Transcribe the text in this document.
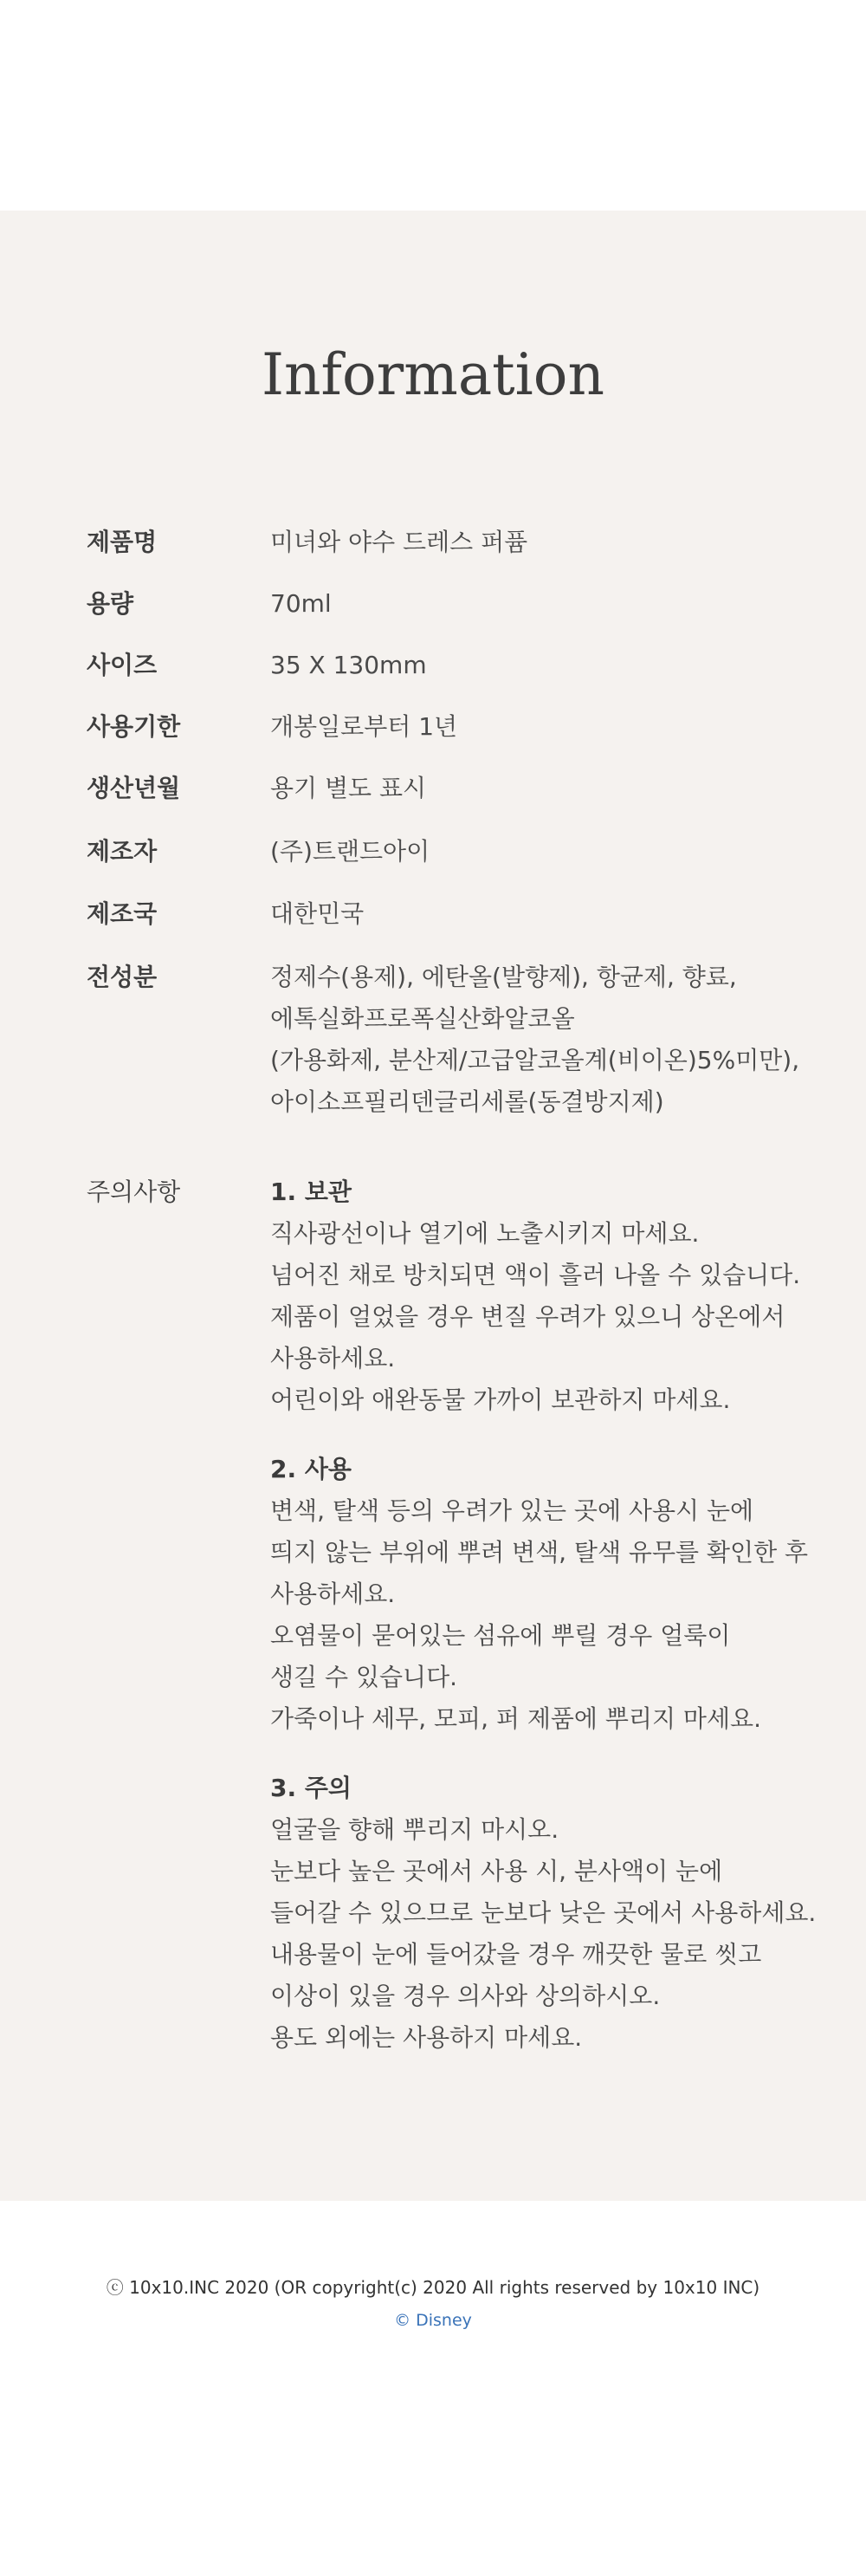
Information
제품명	미녀와 야수 드레스 퍼퓸
용량	70ml
사이즈	35 X 130mm
사용기한	개봉일로부터 1년
생산년월	용기 별도 표시
제조자	(주)트랜드아이
제조국	대한민국
전성분	정제수(용제), 에탄올(발향제), 항균제, 향료,
에톡실화프로폭실산화알코올
(가용화제, 분산제/고급알코올계(비이온)5%미만),
아이소프필리덴글리세롤(동결방지제)
주의사항	1. 보관
직사광선이나 열기에 노출시키지 마세요.
넘어진 채로 방치되면 액이 흘러 나올 수 있습니다.
제품이 얼었을 경우 변질 우려가 있으니 상온에서
사용하세요.
어린이와 애완동물 가까이 보관하지 마세요.
2. 사용
변색, 탈색 등의 우려가 있는 곳에 사용시 눈에
띄지 않는 부위에 뿌려 변색, 탈색 유무를 확인한 후
사용하세요.
오염물이 묻어있는 섬유에 뿌릴 경우 얼룩이
생길 수 있습니다.
가죽이나 세무, 모피, 퍼 제품에 뿌리지 마세요.
3. 주의
얼굴을 향해 뿌리지 마시오.
눈보다 높은 곳에서 사용 시, 분사액이 눈에
들어갈 수 있으므로 눈보다 낮은 곳에서 사용하세요.
내용물이 눈에 들어갔을 경우 깨끗한 물로 씻고
이상이 있을 경우 의사와 상의하시오.
용도 외에는 사용하지 마세요.
ⓒ 10x10.INC 2020 (OR copyright(c) 2020 All rights reserved by 10x10 INC)
© Disney
